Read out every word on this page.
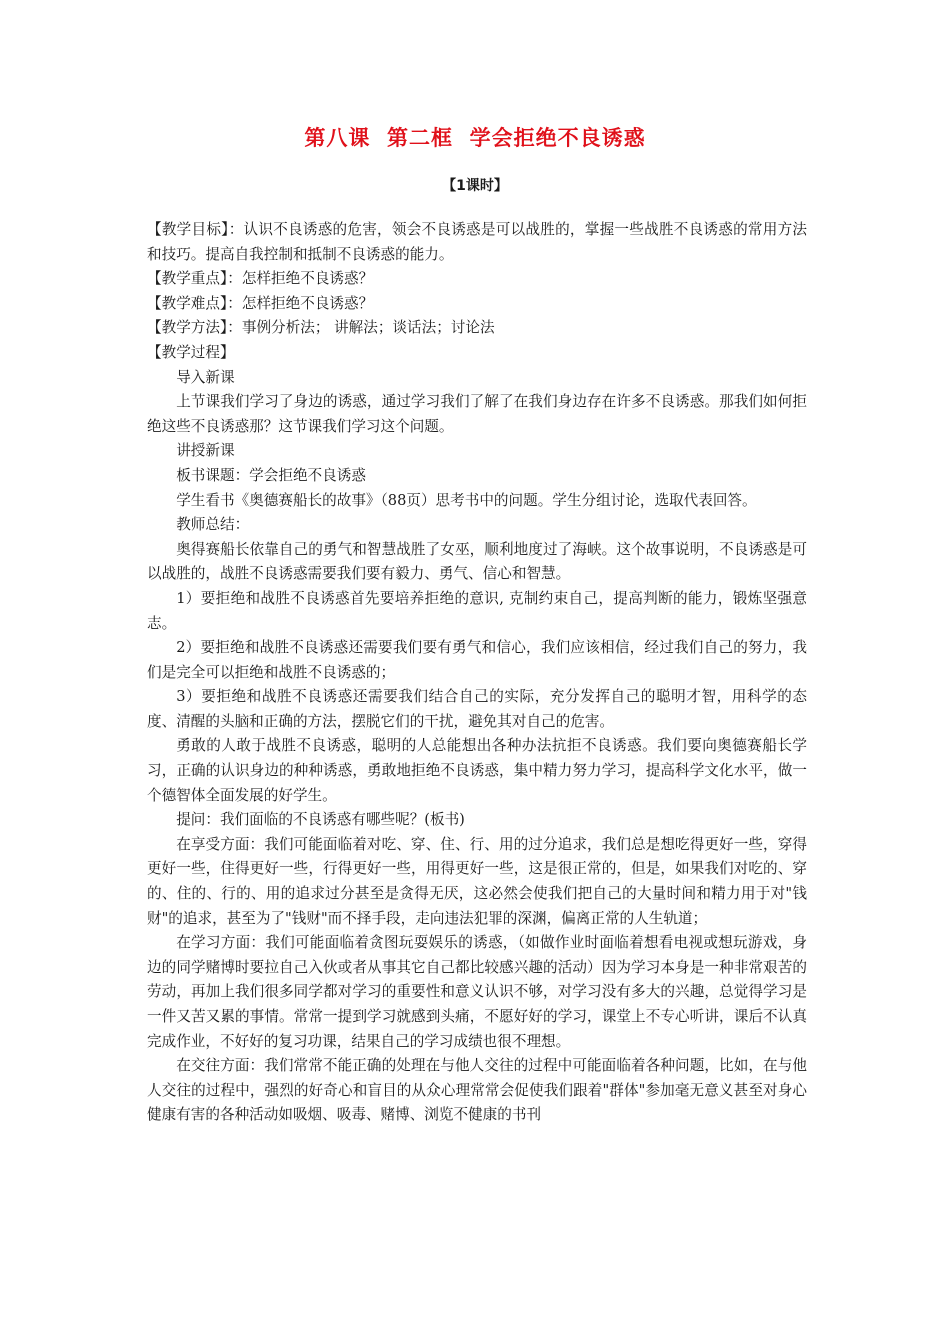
第八课  第二框  学会拒绝不良诱惑
【1课时】

【教学目标】：认识不良诱惑的危害，领会不良诱惑是可以战胜的，掌握一些战胜不良诱惑的常用方法和技巧。提高自我控制和抵制不良诱惑的能力。

【教学重点】：怎样拒绝不良诱惑？

【教学难点】：怎样拒绝不良诱惑？

【教学方法】：事例分析法； 讲解法；谈话法；讨论法

【教学过程】

导入新课

上节课我们学习了身边的诱惑，通过学习我们了解了在我们身边存在许多不良诱惑。那我们如何拒绝这些不良诱惑那？这节课我们学习这个问题。

讲授新课

板书课题：学会拒绝不良诱惑

学生看书《奥德赛船长的故事》（88页）思考书中的问题。学生分组讨论，选取代表回答。

教师总结：

奥得赛船长依靠自己的勇气和智慧战胜了女巫，顺利地度过了海峡。这个故事说明，不良诱惑是可以战胜的，战胜不良诱惑需要我们要有毅力、勇气、信心和智慧。

1）要拒绝和战胜不良诱惑首先要培养拒绝的意识, 克制约束自己，提高判断的能力，锻炼坚强意志。

2）要拒绝和战胜不良诱惑还需要我们要有勇气和信心，我们应该相信，经过我们自己的努力，我们是完全可以拒绝和战胜不良诱惑的；

3）要拒绝和战胜不良诱惑还需要我们结合自己的实际，充分发挥自己的聪明才智，用科学的态度、清醒的头脑和正确的方法，摆脱它们的干扰，避免其对自己的危害。

勇敢的人敢于战胜不良诱惑，聪明的人总能想出各种办法抗拒不良诱惑。我们要向奥德赛船长学习，正确的认识身边的种种诱惑，勇敢地拒绝不良诱惑，集中精力努力学习，提高科学文化水平，做一个德智体全面发展的好学生。

提问：我们面临的不良诱惑有哪些呢？(板书)

在享受方面：我们可能面临着对吃、穿、住、行、用的过分追求，我们总是想吃得更好一些，穿得更好一些，住得更好一些，行得更好一些，用得更好一些，这是很正常的，但是，如果我们对吃的、穿的、住的、行的、用的追求过分甚至是贪得无厌，这必然会使我们把自己的大量时间和精力用于对"钱财"的追求，甚至为了"钱财"而不择手段，走向违法犯罪的深渊，偏离正常的人生轨道；

在学习方面：我们可能面临着贪图玩耍娱乐的诱惑，（如做作业时面临着想看电视或想玩游戏，身边的同学赌博时要拉自己入伙或者从事其它自己都比较感兴趣的活动）因为学习本身是一种非常艰苦的劳动，再加上我们很多同学都对学习的重要性和意义认识不够，对学习没有多大的兴趣，总觉得学习是一件又苦又累的事情。常常一提到学习就感到头痛，不愿好好的学习，课堂上不专心听讲，课后不认真完成作业，不好好的复习功课，结果自己的学习成绩也很不理想。

在交往方面：我们常常不能正确的处理在与他人交往的过程中可能面临着各种问题，比如，在与他人交往的过程中，强烈的好奇心和盲目的从众心理常常会促使我们跟着"群体"参加毫无意义甚至对身心健康有害的各种活动如吸烟、吸毒、赌博、浏览不健康的书刊
